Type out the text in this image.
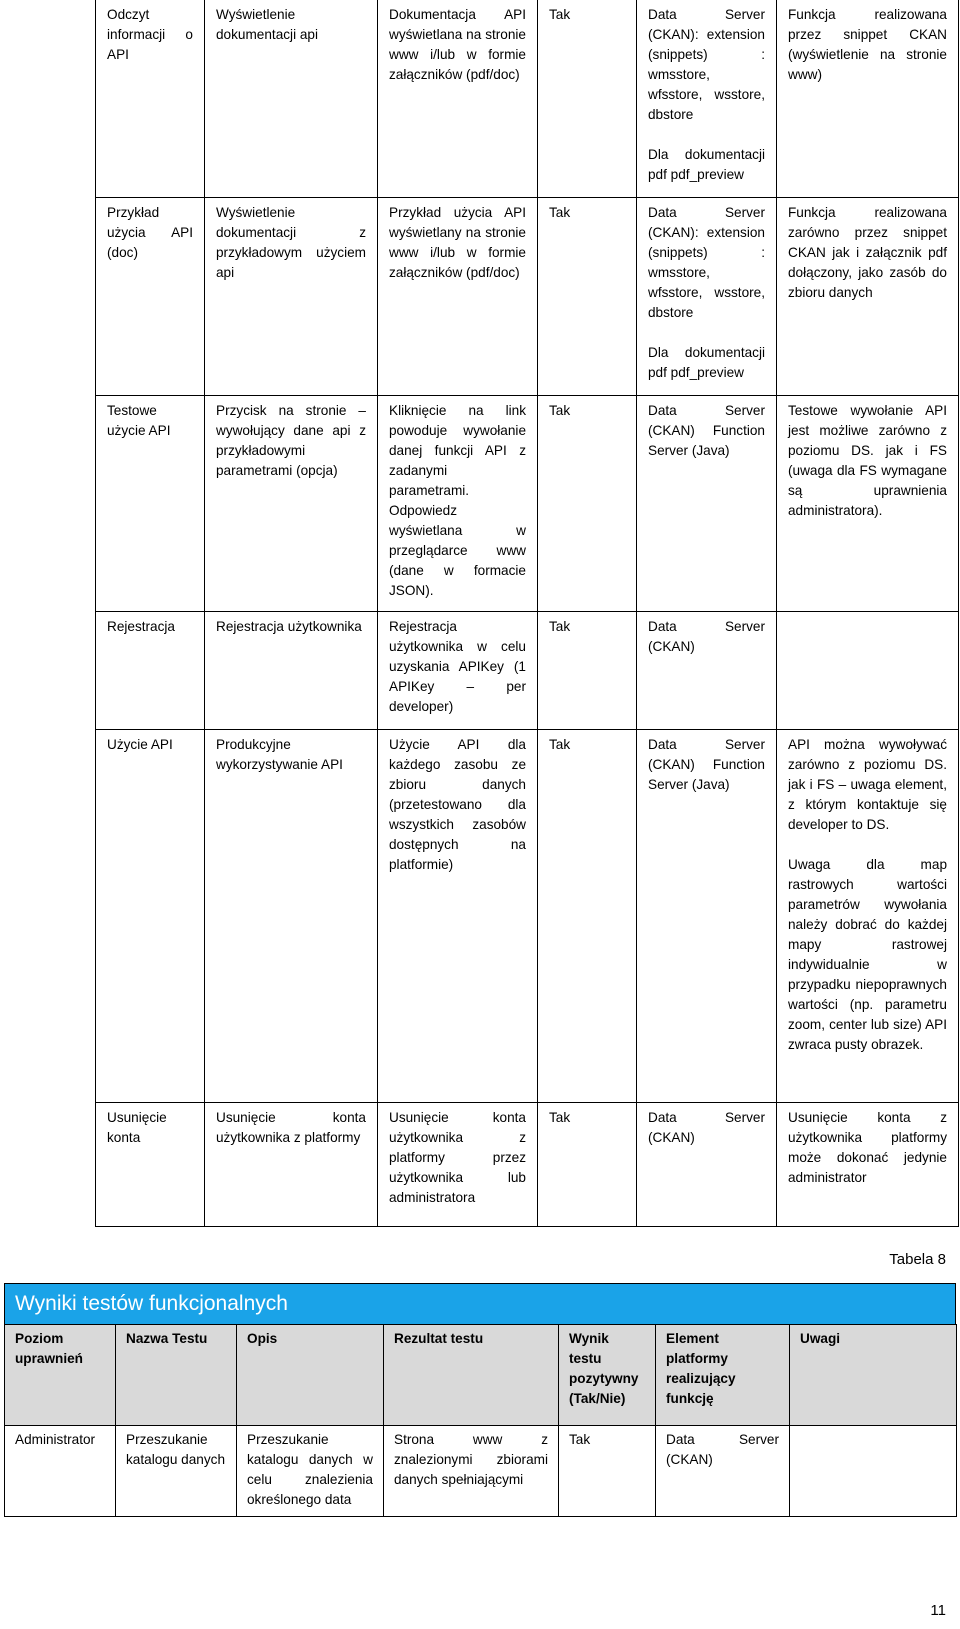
Odczyt informacji o API	Wyświetlenie dokumentacji api	Dokumentacja API wyświetlana na stronie www i/lub w formie załączników (pdf/doc)	Tak	Data Server (CKAN): extension (snippets) : wmsstore, wfsstore, wsstore, dbstore
Dla dokumentacji pdf pdf_preview	Funkcja realizowana przez snippet CKAN (wyświetlenie na stronie www)

Przykład użycia API (doc)	Wyświetlenie dokumentacji z przykładowym użyciem api	Przykład użycia API wyświetlany na stronie www i/lub w formie załączników (pdf/doc)	Tak	Data Server (CKAN): extension (snippets) : wmsstore, wfsstore, wsstore, dbstore
Dla dokumentacji pdf pdf_preview	Funkcja realizowana zarówno przez snippet CKAN jak i załącznik pdf dołączony, jako zasób do zbioru danych

Testowe użycie API	Przycisk na stronie – wywołujący dane api z przykładowymi parametrami (opcja)	Kliknięcie na link powoduje wywołanie danej funkcji API z zadanymi parametrami. Odpowiedz wyświetlana w przeglądarce www (dane w formacie JSON).	Tak	Data Server (CKAN) Function Server (Java)	Testowe wywołanie API jest możliwe zarówno z poziomu DS. jak i FS (uwaga dla FS wymagane są uprawnienia administratora).

Rejestracja	Rejestracja użytkownika	Rejestracja użytkownika w celu uzyskania APIKey (1 APIKey – per developer)	Tak	Data Server (CKAN)	

Użycie API	Produkcyjne wykorzystywanie API	Użycie API dla każdego zasobu ze zbioru danych (przetestowano dla wszystkich zasobów dostępnych na platformie)	Tak	Data Server (CKAN) Function Server (Java)	API można wywoływać zarówno z poziomu DS. jak i FS – uwaga element, z którym kontaktuje się developer to DS.
Uwaga dla map rastrowych wartości parametrów wywołania należy dobrać do każdej mapy rastrowej indywidualnie w przypadku niepoprawnych wartości (np. parametru zoom, center lub size) API zwraca pusty obrazek.

Usunięcie konta	Usunięcie konta użytkownika z platformy	Usunięcie konta użytkownika z platformy przez użytkownika lub administratora	Tak	Data Server (CKAN)	Usunięcie konta z użytkownika platformy może dokonać jedynie administrator
Tabela 8
Wyniki testów funkcjonalnych
Poziom uprawnień	Nazwa Testu	Opis	Rezultat testu	Wynik testu pozytywny (Tak/Nie)	Element platformy realizujący funkcję	Uwagi
Administrator	Przeszukanie katalogu danych	Przeszukanie katalogu danych w celu znalezienia określonego data	Strona www z znalezionymi zbiorami danych spełniającymi	Tak	Data Server (CKAN)	
11
